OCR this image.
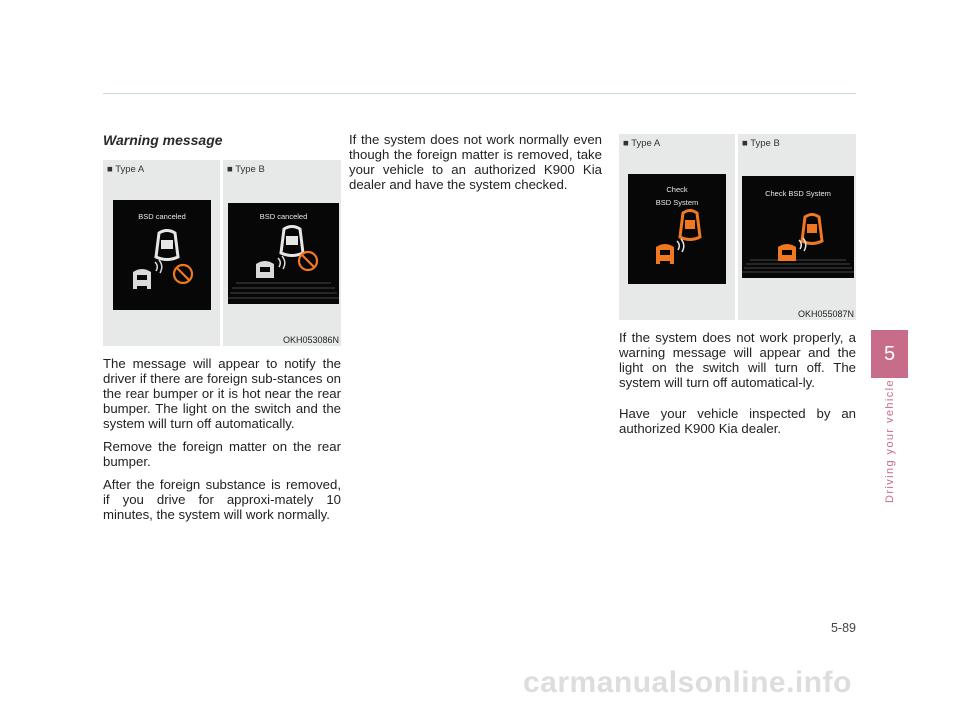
Warning message
■ Type A
BSD canceled
■ Type B
BSD canceled
OKH053086N

The message will appear to notify the driver if there are foreign sub-stances on the rear bumper or it is hot near the rear bumper. The light on the switch and the system will turn off automatically.

Remove the foreign matter on the rear bumper.

After the foreign substance is removed, if you drive for approxi-mately 10 minutes, the system will work normally.

If the system does not work normally even though the foreign matter is removed, take your vehicle to an authorized K900 Kia dealer and have the system checked.

■ Type A
Check
BSD System
■ Type B
Check BSD System
OKH055087N

If the system does not work properly, a warning message will appear and the light on the switch will turn off. The system will turn off automatical-ly.

Have your vehicle inspected by an authorized K900 Kia dealer.

5
Driving your vehicle
5-89
carmanualsonline.info
